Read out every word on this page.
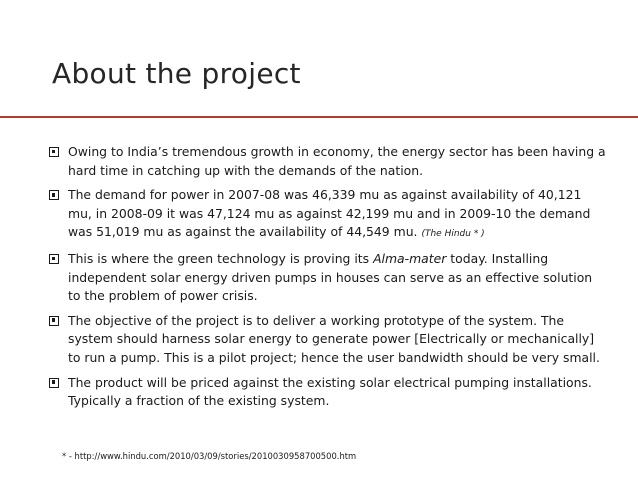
About the project
Owing to India’s tremendous growth in economy, the energy sector has been having a hard time in catching up with the demands of the nation.
The demand for power in 2007-08 was 46,339 mu as against availability of 40,121 mu, in 2008-09 it was 47,124 mu as against 42,199 mu and in 2009-10 the demand was 51,019 mu as against the availability of 44,549 mu. (The Hindu * )
This is where the green technology is proving its Alma-mater today. Installing independent solar energy driven pumps in houses can serve as an effective solution to the problem of power crisis.
The objective of the project is to deliver a working prototype of the system. The system should harness solar energy to generate power [Electrically or mechanically] to run a pump. This is a pilot project; hence the user bandwidth should be very small.
The product will be priced against the existing solar electrical pumping installations. Typically a fraction of the existing system.
* - http://www.hindu.com/2010/03/09/stories/2010030958700500.htm
